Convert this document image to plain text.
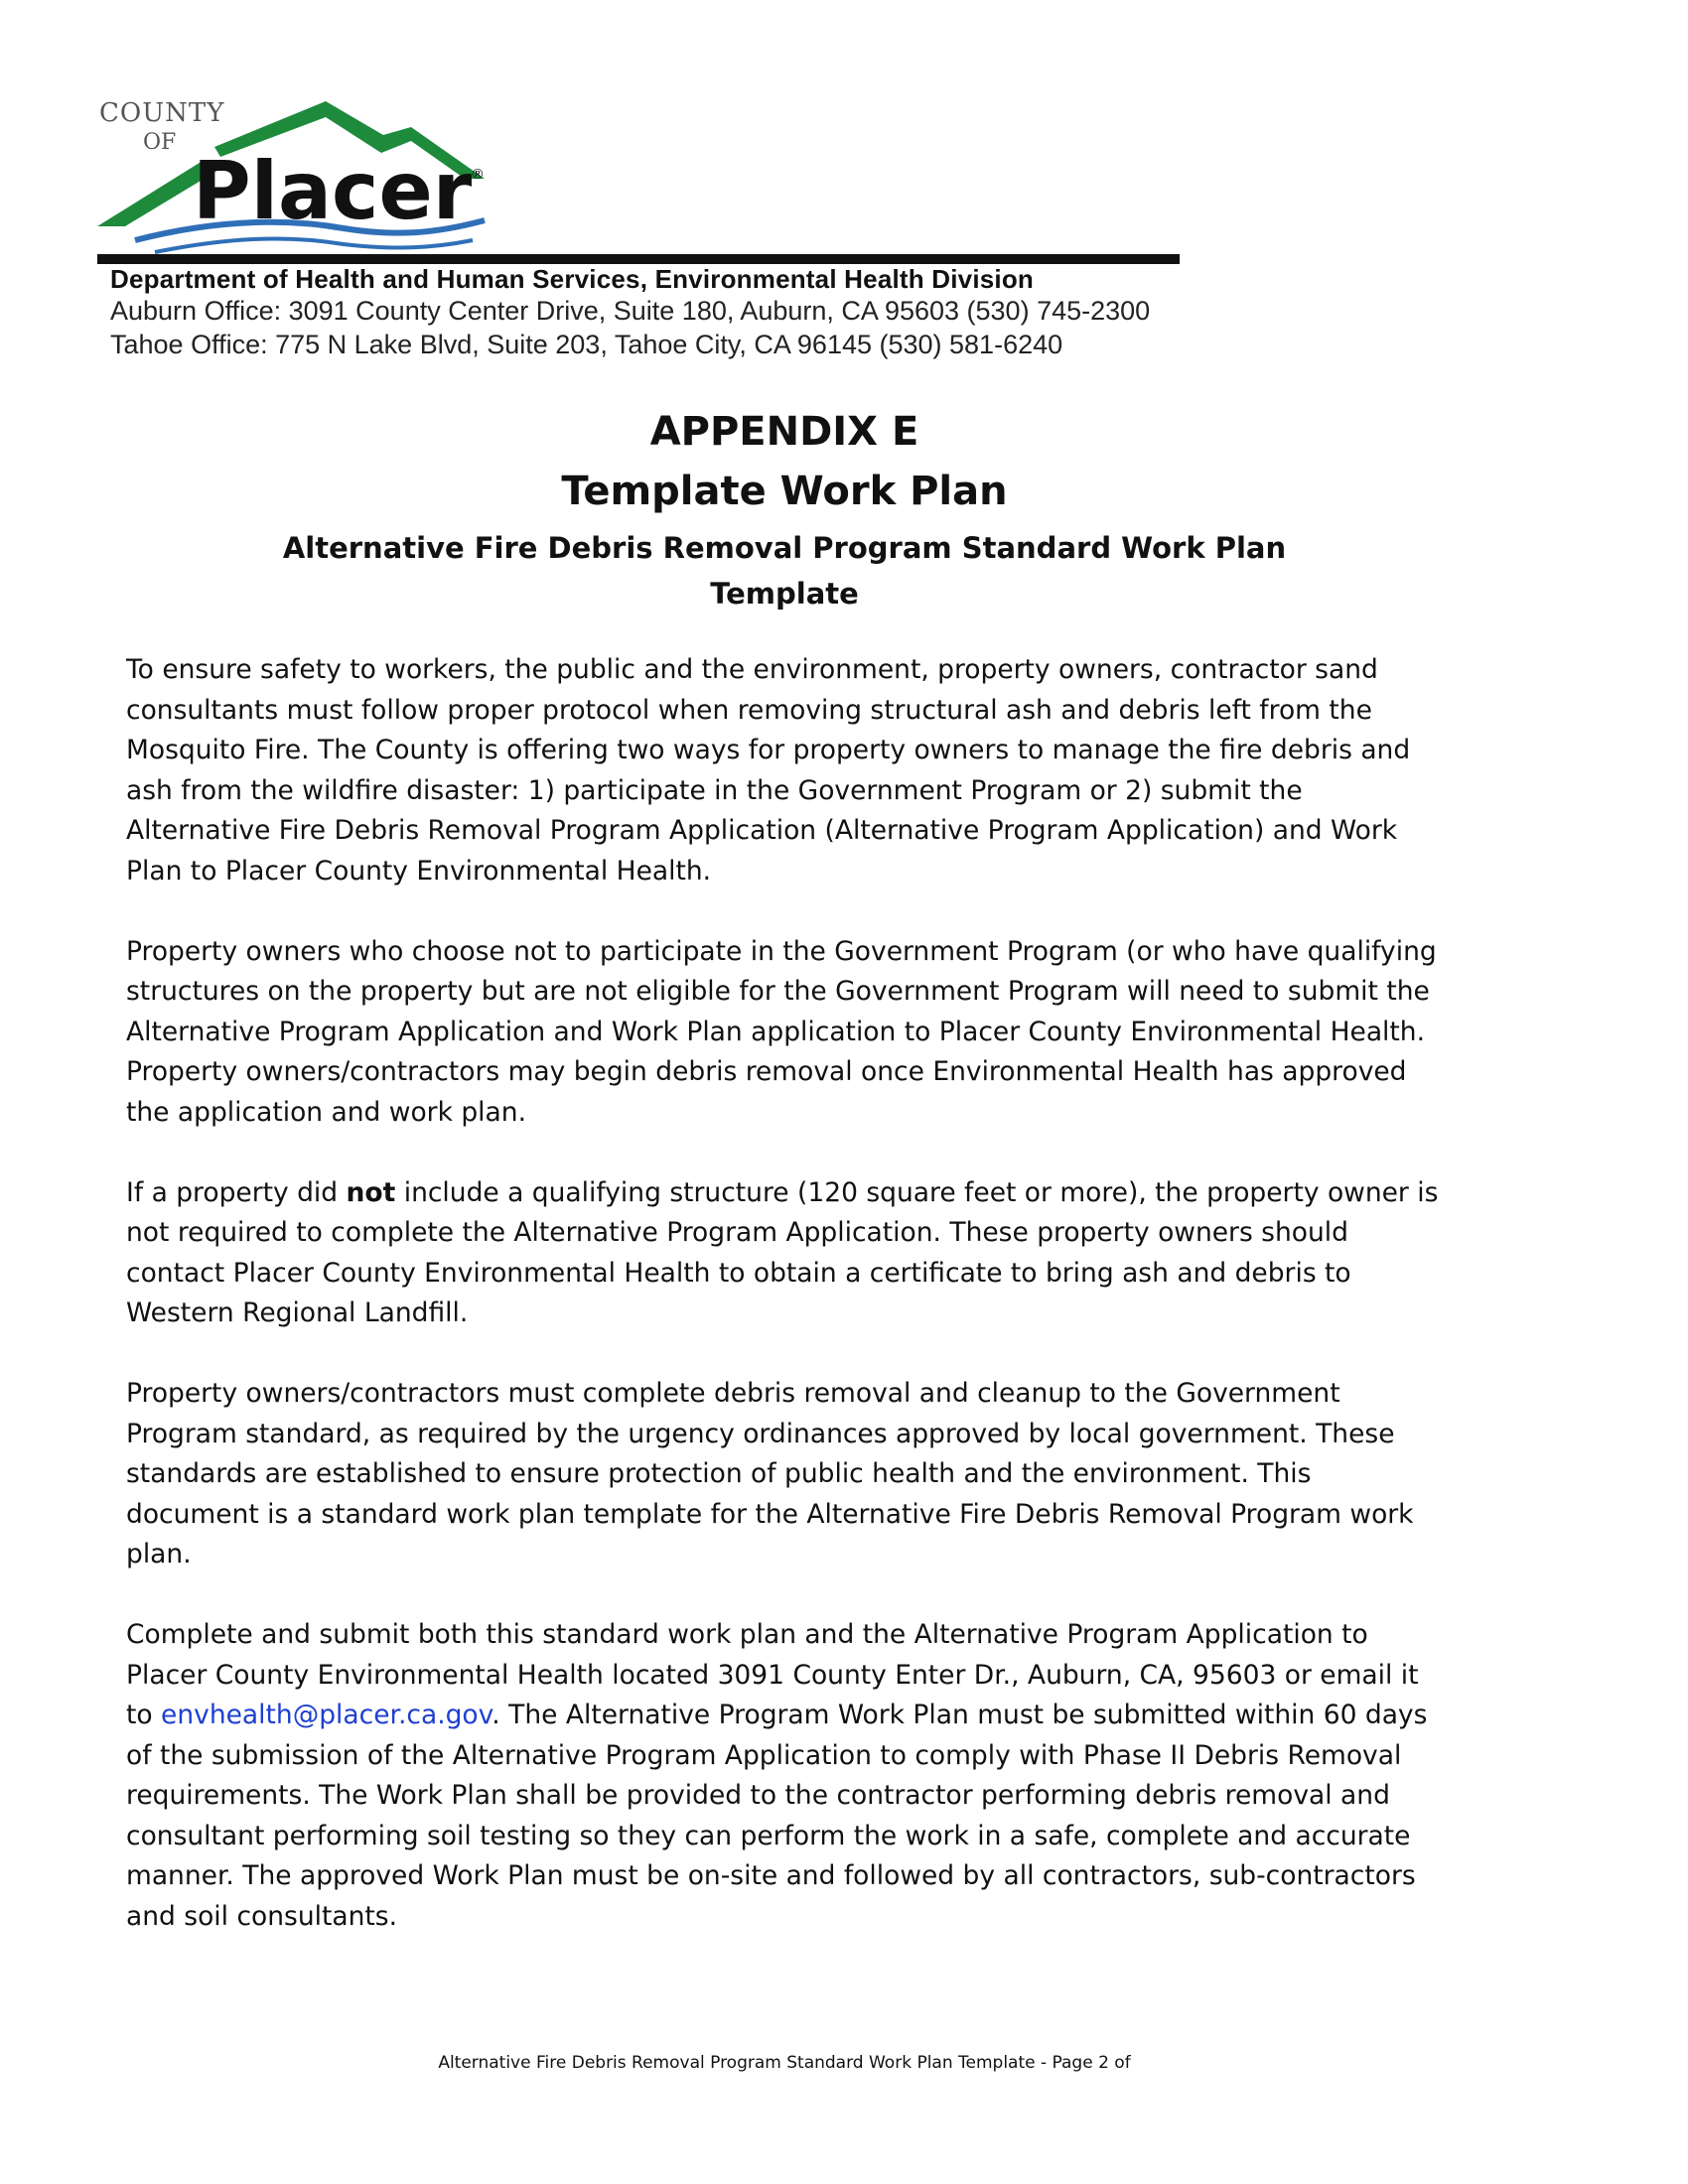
COUNTY
OF
Placer
®
Department of Health and Human Services, Environmental Health Division
Auburn Office: 3091 County Center Drive, Suite 180, Auburn, CA 95603 (530) 745-2300
Tahoe Office: 775 N Lake Blvd, Suite 203, Tahoe City, CA 96145 (530) 581-6240
APPENDIX E
Template Work Plan
Alternative Fire Debris Removal Program Standard Work Plan
Template

To ensure safety to workers, the public and the environment, property owners, contractor sand consultants must follow proper protocol when removing structural ash and debris left from the Mosquito Fire. The County is offering two ways for property owners to manage the fire debris and ash from the wildfire disaster: 1) participate in the Government Program or 2) submit the Alternative Fire Debris Removal Program Application (Alternative Program Application) and Work Plan to Placer County Environmental Health.

Property owners who choose not to participate in the Government Program (or who have qualifying structures on the property but are not eligible for the Government Program will need to submit the Alternative Program Application and Work Plan application to Placer County Environmental Health. Property owners/contractors may begin debris removal once Environmental Health has approved the application and work plan.

If a property did not include a qualifying structure (120 square feet or more), the property owner is not required to complete the Alternative Program Application. These property owners should contact Placer County Environmental Health to obtain a certificate to bring ash and debris to Western Regional Landfill.

Property owners/contractors must complete debris removal and cleanup to the Government Program standard, as required by the urgency ordinances approved by local government. These standards are established to ensure protection of public health and the environment. This document is a standard work plan template for the Alternative Fire Debris Removal Program work plan.

Complete and submit both this standard work plan and the Alternative Program Application to Placer County Environmental Health located 3091 County Enter Dr., Auburn, CA, 95603 or email it to envhealth@placer.ca.gov. The Alternative Program Work Plan must be submitted within 60 days of the submission of the Alternative Program Application to comply with Phase II Debris Removal requirements. The Work Plan shall be provided to the contractor performing debris removal and consultant performing soil testing so they can perform the work in a safe, complete and accurate manner. The approved Work Plan must be on-site and followed by all contractors, sub-contractors and soil consultants.

Alternative Fire Debris Removal Program Standard Work Plan Template - Page 2 of
